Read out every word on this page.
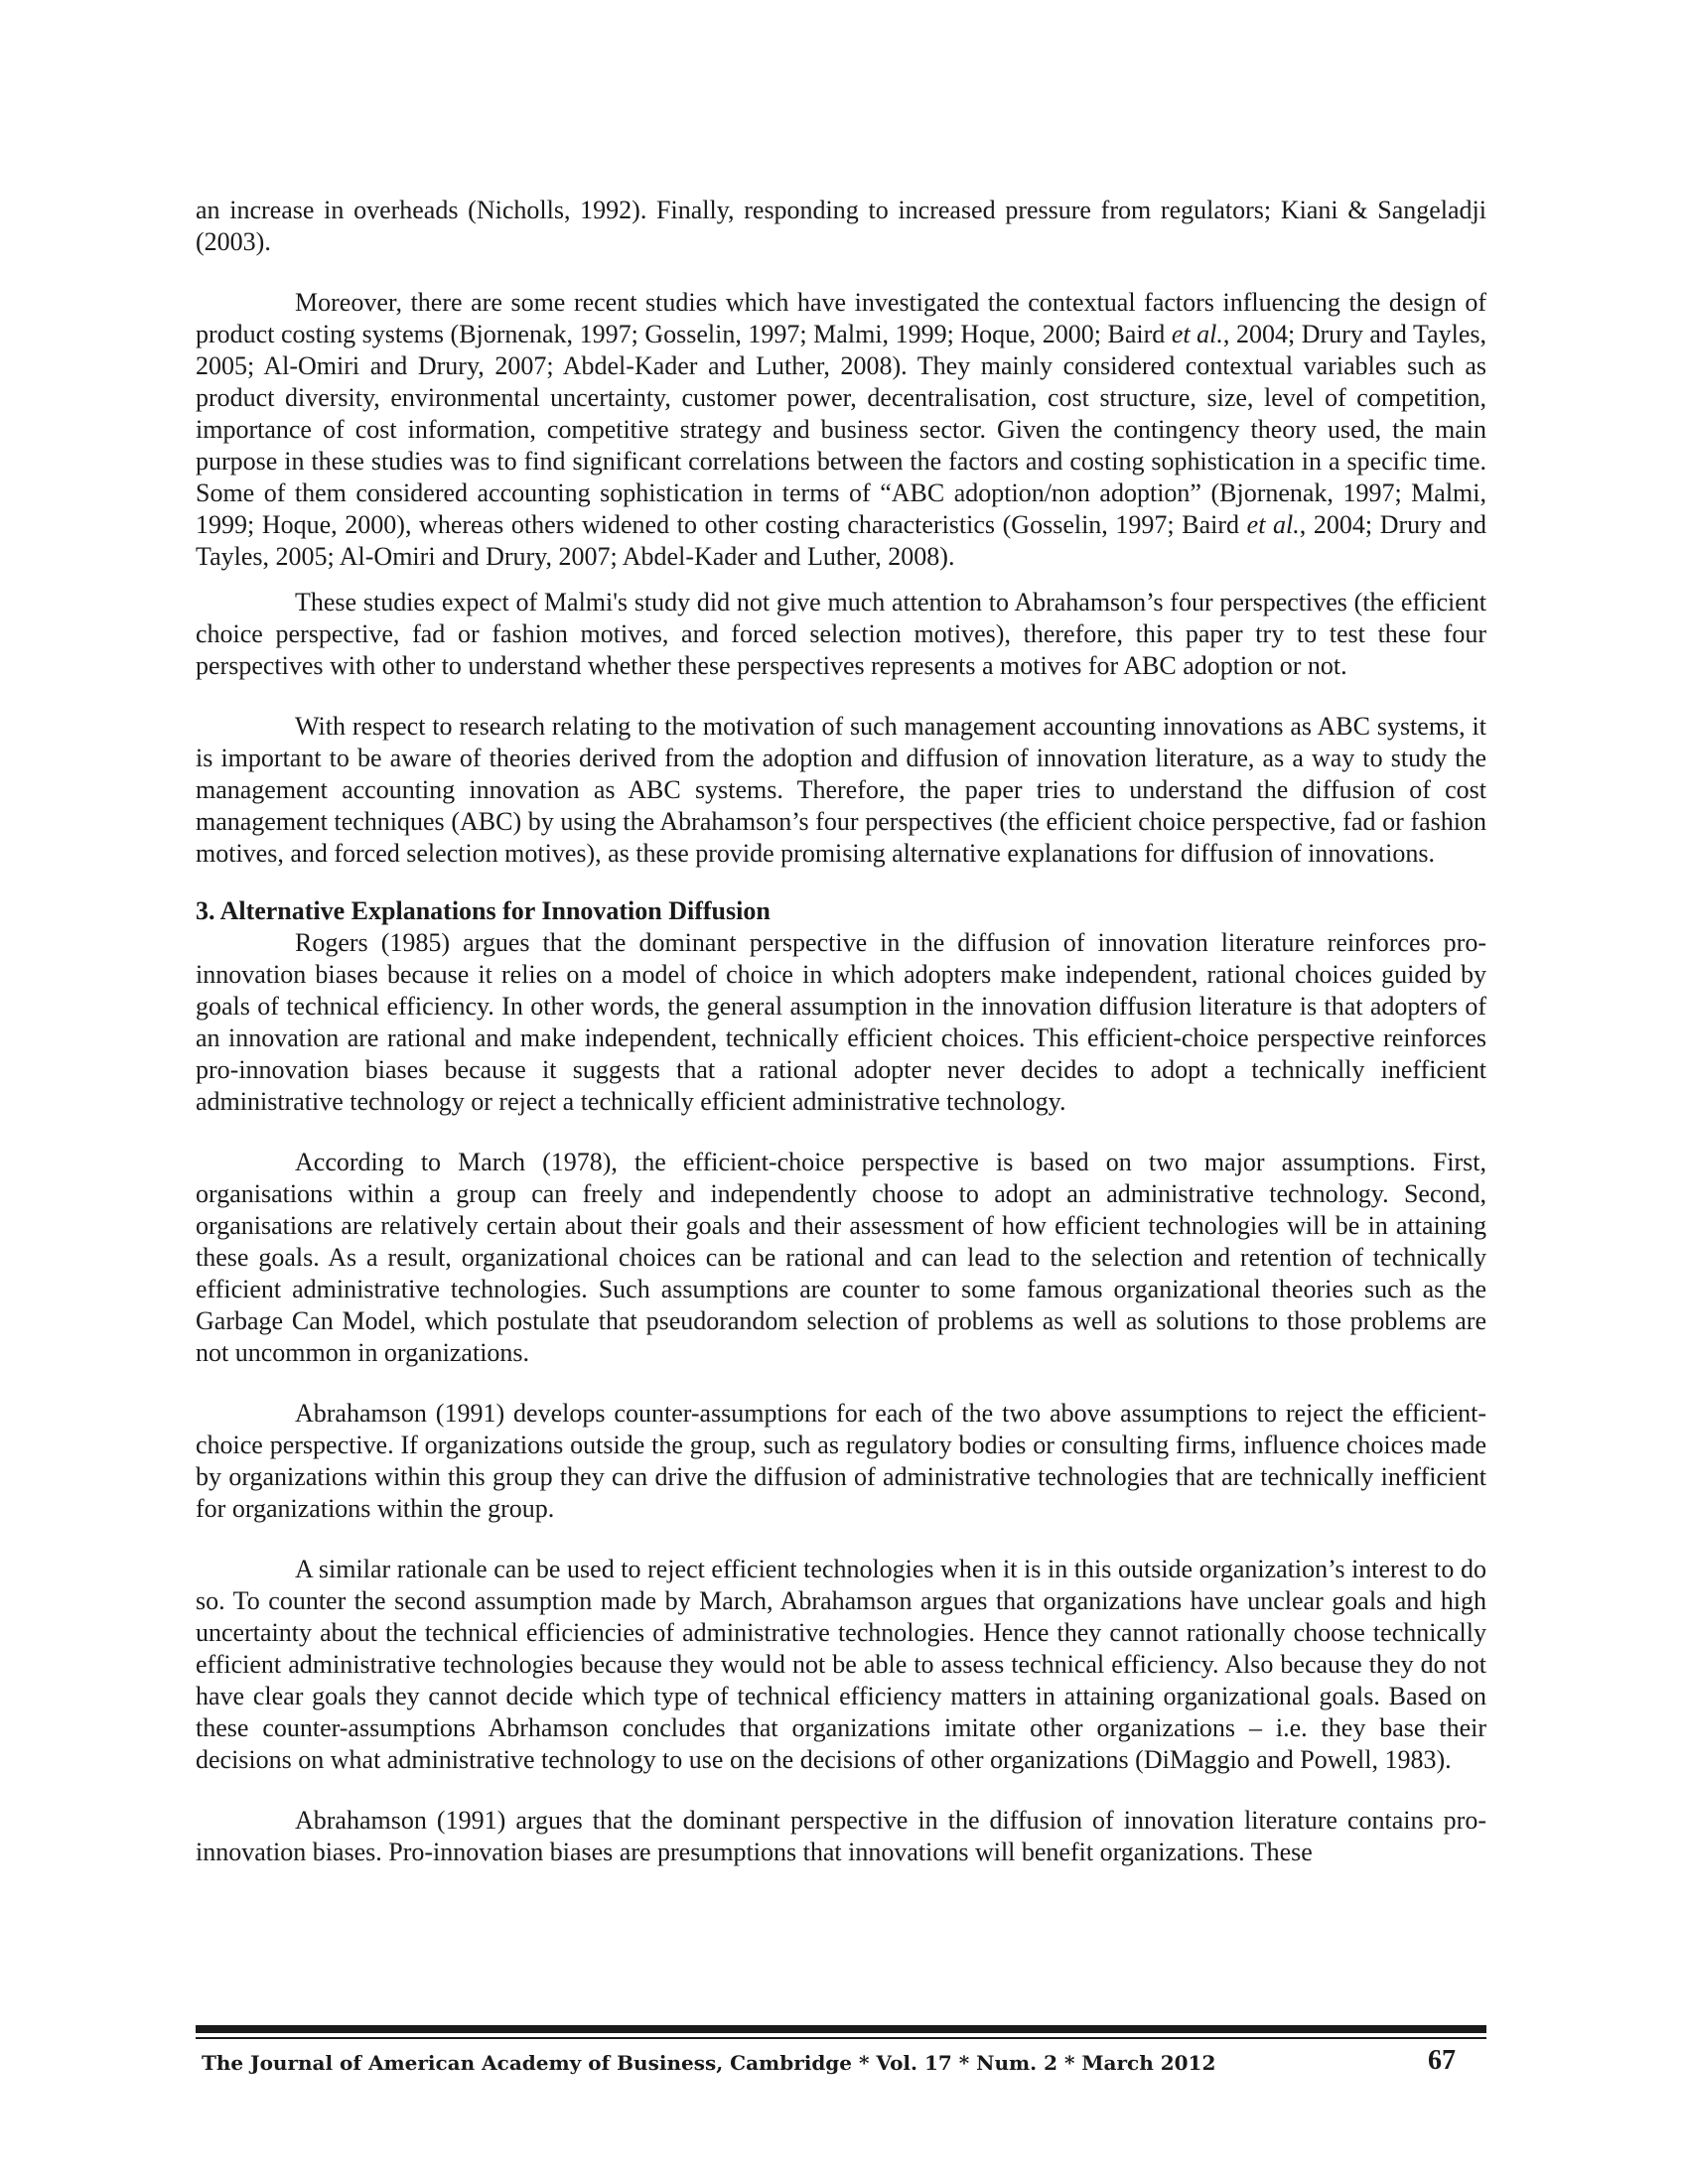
an increase in overheads (Nicholls, 1992). Finally, responding to increased pressure from regulators; Kiani & Sangeladji (2003).

Moreover, there are some recent studies which have investigated the contextual factors influencing the design of product costing systems (Bjornenak, 1997; Gosselin, 1997; Malmi, 1999; Hoque, 2000; Baird et al., 2004; Drury and Tayles, 2005; Al-Omiri and Drury, 2007; Abdel-Kader and Luther, 2008). They mainly considered contextual variables such as product diversity, environmental uncertainty, customer power, decentralisation, cost structure, size, level of competition, importance of cost information, competitive strategy and business sector. Given the contingency theory used, the main purpose in these studies was to find significant correlations between the factors and costing sophistication in a specific time. Some of them considered accounting sophistication in terms of “ABC adoption/non adoption” (Bjornenak, 1997; Malmi, 1999; Hoque, 2000), whereas others widened to other costing characteristics (Gosselin, 1997; Baird et al., 2004; Drury and Tayles, 2005; Al-Omiri and Drury, 2007; Abdel-Kader and Luther, 2008).

These studies expect of Malmi's study did not give much attention to Abrahamson’s four perspectives (the efficient choice perspective, fad or fashion motives, and forced selection motives), therefore, this paper try to test these four perspectives with other to understand whether these perspectives represents a motives for ABC adoption or not.

With respect to research relating to the motivation of such management accounting innovations as ABC systems, it is important to be aware of theories derived from the adoption and diffusion of innovation literature, as a way to study the management accounting innovation as ABC systems. Therefore, the paper tries to understand the diffusion of cost management techniques (ABC) by using the Abrahamson’s four perspectives (the efficient choice perspective, fad or fashion motives, and forced selection motives), as these provide promising alternative explanations for diffusion of innovations.

3. Alternative Explanations for Innovation Diffusion

Rogers (1985) argues that the dominant perspective in the diffusion of innovation literature reinforces pro-innovation biases because it relies on a model of choice in which adopters make independent, rational choices guided by goals of technical efficiency. In other words, the general assumption in the innovation diffusion literature is that adopters of an innovation are rational and make independent, technically efficient choices. This efficient-choice perspective reinforces pro-innovation biases because it suggests that a rational adopter never decides to adopt a technically inefficient administrative technology or reject a technically efficient administrative technology.

According to March (1978), the efficient-choice perspective is based on two major assumptions. First, organisations within a group can freely and independently choose to adopt an administrative technology. Second, organisations are relatively certain about their goals and their assessment of how efficient technologies will be in attaining these goals. As a result, organizational choices can be rational and can lead to the selection and retention of technically efficient administrative technologies. Such assumptions are counter to some famous organizational theories such as the Garbage Can Model, which postulate that pseudorandom selection of problems as well as solutions to those problems are not uncommon in organizations.

Abrahamson (1991) develops counter-assumptions for each of the two above assumptions to reject the efficient-choice perspective. If organizations outside the group, such as regulatory bodies or consulting firms, influence choices made by organizations within this group they can drive the diffusion of administrative technologies that are technically inefficient for organizations within the group.

A similar rationale can be used to reject efficient technologies when it is in this outside organization’s interest to do so. To counter the second assumption made by March, Abrahamson argues that organizations have unclear goals and high uncertainty about the technical efficiencies of administrative technologies. Hence they cannot rationally choose technically efficient administrative technologies because they would not be able to assess technical efficiency. Also because they do not have clear goals they cannot decide which type of technical efficiency matters in attaining organizational goals. Based on these counter-assumptions Abrhamson concludes that organizations imitate other organizations – i.e. they base their decisions on what administrative technology to use on the decisions of other organizations (DiMaggio and Powell, 1983).

Abrahamson (1991) argues that the dominant perspective in the diffusion of innovation literature contains pro-innovation biases. Pro-innovation biases are presumptions that innovations will benefit organizations. These

The Journal of American Academy of Business, Cambridge * Vol. 17 * Num. 2 * March 2012	67
